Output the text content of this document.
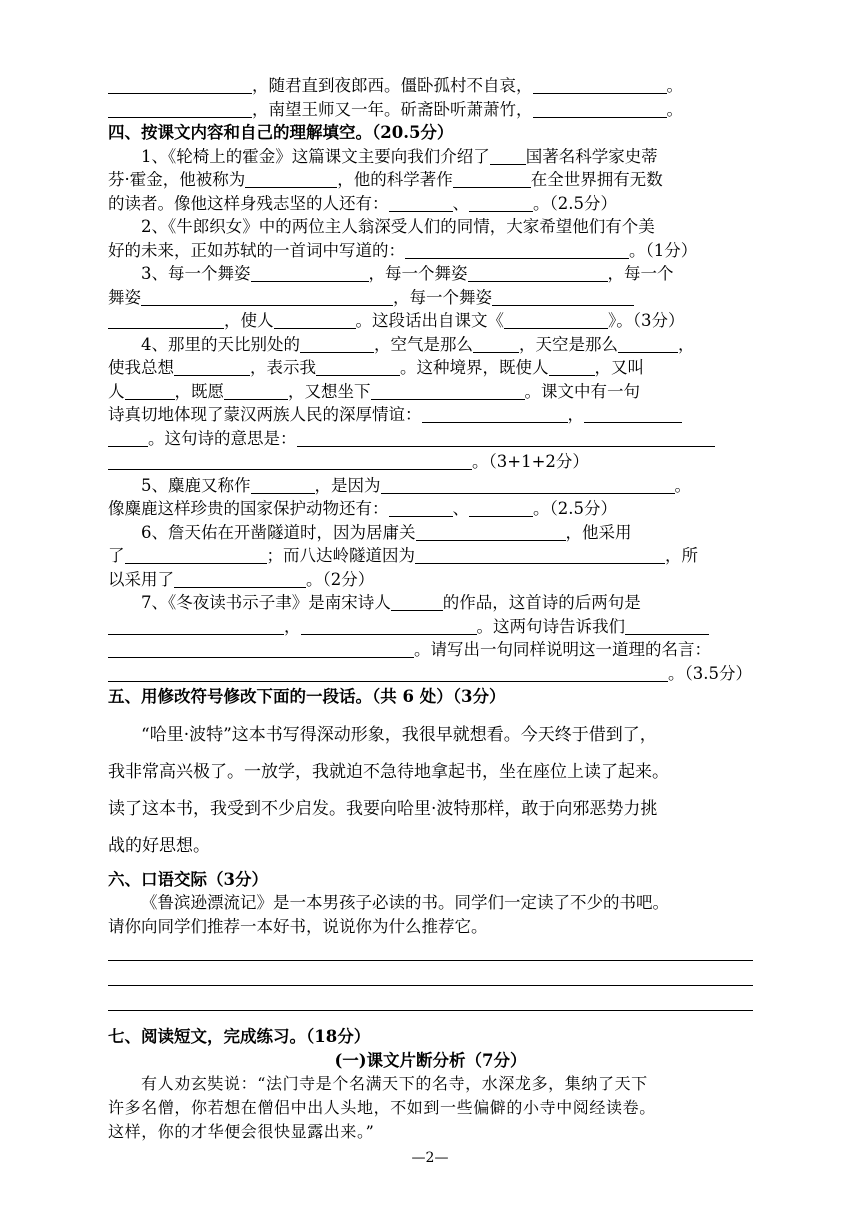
，随君直到夜郎西。僵卧孤村不自哀，	。
，南望王师又一年。斫斋卧听萧萧竹，	。
四、按课文内容和自己的理解填空。（20.5分）
1、《轮椅上的霍金》这篇课文主要向我们介绍了 国著名科学家史蒂
芬·霍金，他被称为	，他的科学著作	在全世界拥有无数
的读者。像他这样身残志坚的人还有：	、	。（2.5分）
2、《牛郎织女》中的两位主人翁深受人们的同情，大家希望他们有个美
好的未来，正如苏轼的一首词中写道的：	。（1分）
3、每一个舞姿	，每一个舞姿	，每一个
舞姿	，每一个舞姿
，使人	。这段话出自课文《	》。（3分）
4、那里的天比别处的	，空气是那么	，天空是那么	，
使我总想	，表示我	。这种境界，既使人	，又叫
人	，既愿	，又想坐下	。课文中有一句
诗真切地体现了蒙汉两族人民的深厚情谊：	，
。这句诗的意思是：
。（3+1+2分）
5、麋鹿又称作	，是因为	。
像麋鹿这样珍贵的国家保护动物还有：	、	。（2.5分）
6、詹天佑在开凿隧道时，因为居庸关	，他采用
了	；而八达岭隧道因为	，所
以采用了	。（2分）
7、《冬夜读书示子聿》是南宋诗人	的作品，这首诗的后两句是
，	。这两句诗告诉我们
。请写出一句同样说明这一道理的名言：
。（3.5分）
五、用修改符号修改下面的一段话。（共 6 处）（3分）
“哈里·波特”这本书写得深动形象，我很早就想看。今天终于借到了，
我非常高兴极了。一放学，我就迫不急待地拿起书，坐在座位上读了起来。
读了这本书，我受到不少启发。我要向哈里·波特那样，敢于向邪恶势力挑
战的好思想。
六、口语交际（3分）
《鲁滨逊漂流记》是一本男孩子必读的书。同学们一定读了不少的书吧。
请你向同学们推荐一本好书，说说你为什么推荐它。
七、阅读短文，完成练习。（18分）
(一)课文片断分析（7分）
有人劝玄奘说：“法门寺是个名满天下的名寺，水深龙多，集纳了天下
许多名僧，你若想在僧侣中出人头地，不如到一些偏僻的小寺中阅经读卷。
这样，你的才华便会很快显露出来。”
—2—
